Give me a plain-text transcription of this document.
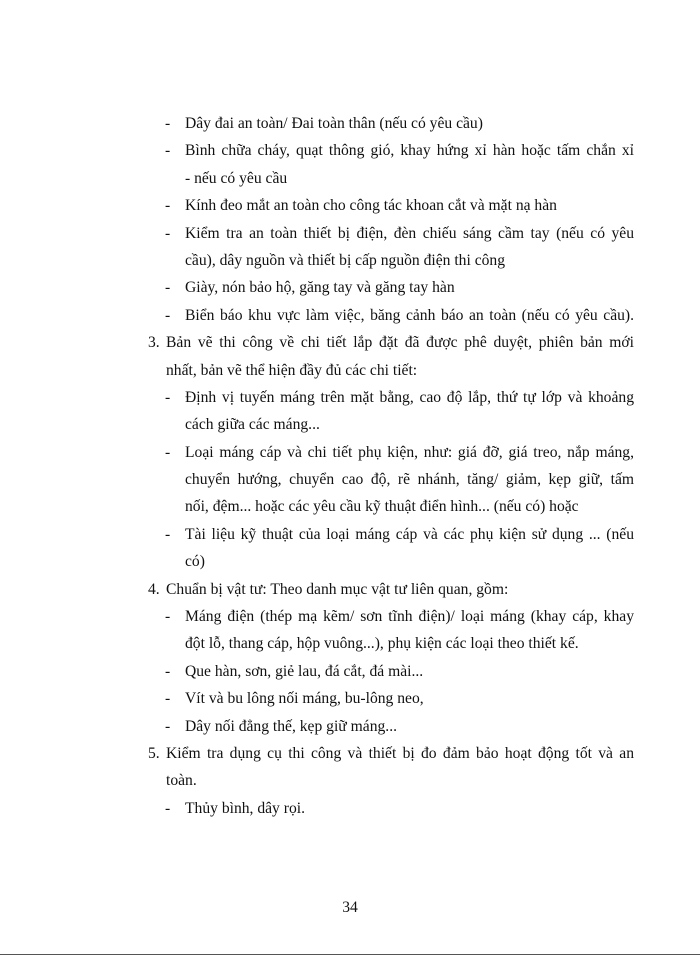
- Dây đai an toàn/ Đai toàn thân (nếu có yêu cầu)
- Bình chữa cháy, quạt thông gió, khay hứng xỉ hàn hoặc tấm chắn xỉ
- nếu có yêu cầu
- Kính đeo mắt an toàn cho công tác khoan cắt và mặt nạ hàn
- Kiểm tra an toàn thiết bị điện, đèn chiếu sáng cầm tay (nếu có yêu
cầu), dây nguồn và thiết bị cấp nguồn điện thi công
- Giày, nón bảo hộ, găng tay và găng tay hàn
- Biển báo khu vực làm việc, băng cảnh báo an toàn (nếu có yêu cầu).
3. Bản vẽ thi công về chi tiết lắp đặt đã được phê duyệt, phiên bản mới
nhất, bản vẽ thể hiện đầy đủ các chi tiết:
- Định vị tuyến máng trên mặt bằng, cao độ lắp, thứ tự lớp và khoảng
cách giữa các máng...
- Loại máng cáp và chi tiết phụ kiện, như: giá đỡ, giá treo, nắp máng,
chuyển hướng, chuyển cao độ, rẽ nhánh, tăng/ giảm, kẹp giữ, tấm
nối, đệm... hoặc các yêu cầu kỹ thuật điển hình... (nếu có) hoặc
- Tài liệu kỹ thuật của loại máng cáp và các phụ kiện sử dụng ... (nếu
có)
4. Chuẩn bị vật tư: Theo danh mục vật tư liên quan, gồm:
- Máng điện (thép mạ kẽm/ sơn tĩnh điện)/ loại máng (khay cáp, khay
đột lỗ, thang cáp, hộp vuông...), phụ kiện các loại theo thiết kế.
- Que hàn, sơn, giẻ lau, đá cắt, đá mài...
- Vít và bu lông nối máng, bu-lông neo,
- Dây nối đẳng thế, kẹp giữ máng...
5. Kiểm tra dụng cụ thi công và thiết bị đo đảm bảo hoạt động tốt và an
toàn.
- Thủy bình, dây rọi.
34
